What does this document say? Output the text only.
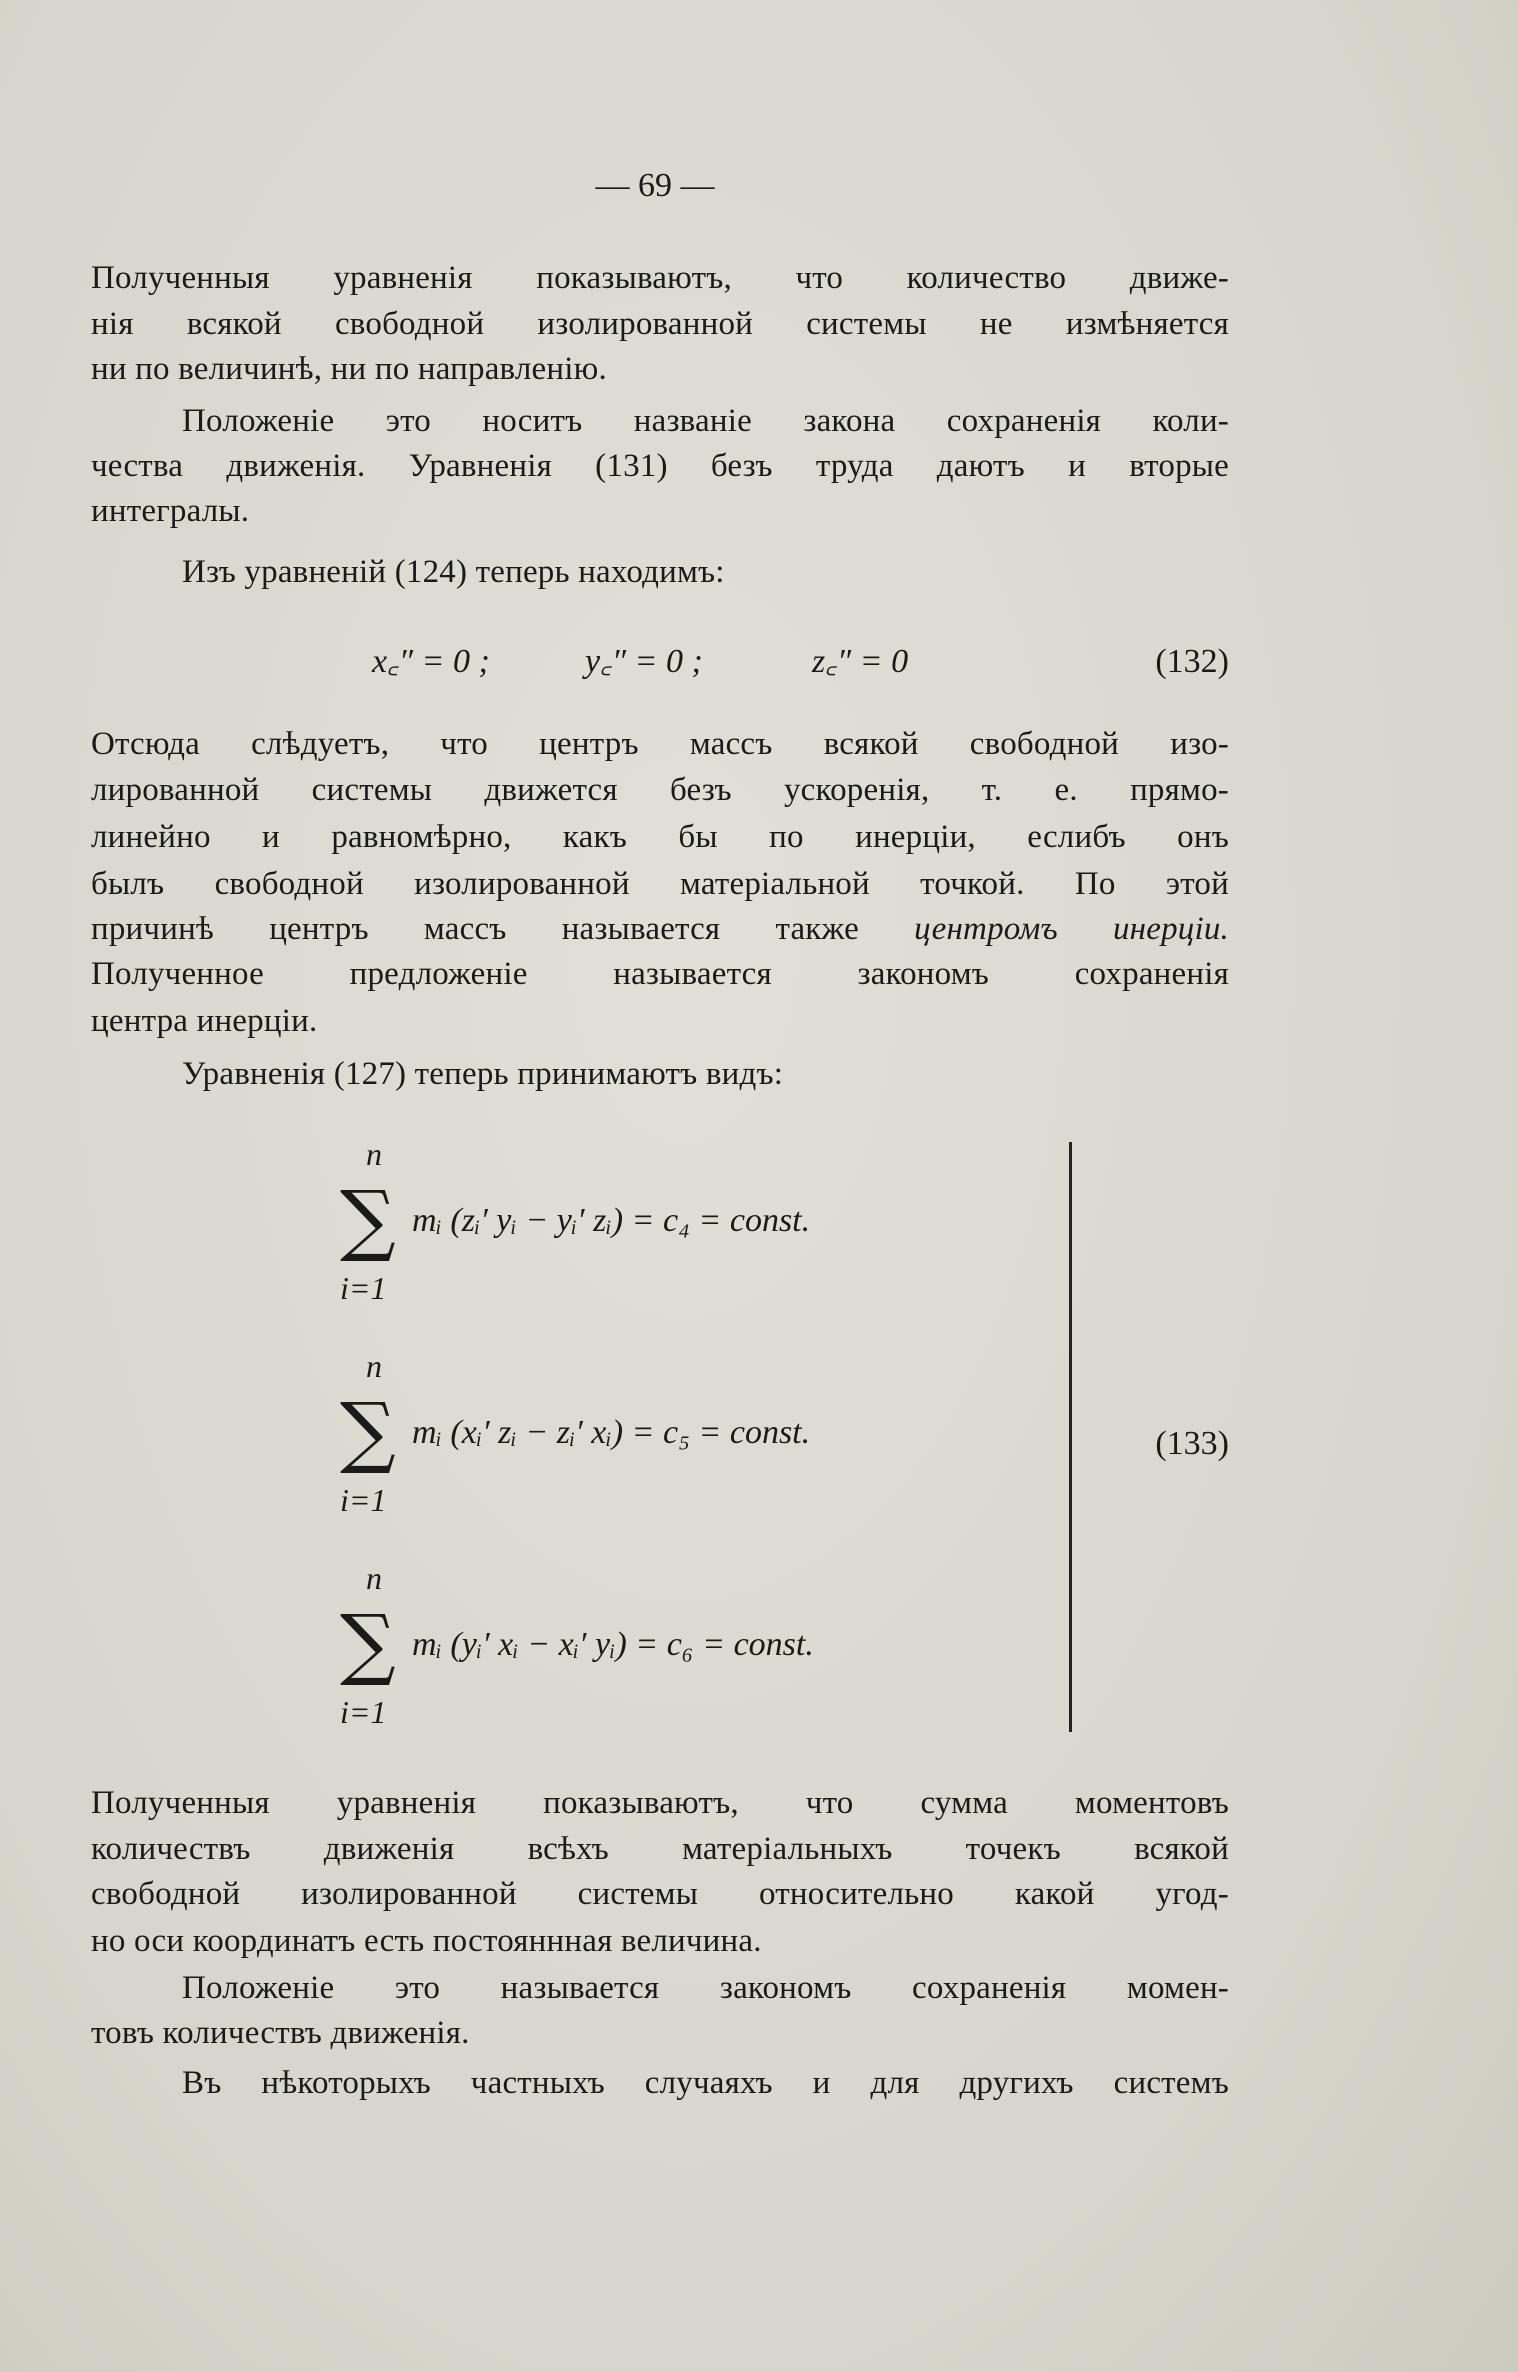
— 69 —
Полученныя уравненія показываютъ, что количество движе-
нія всякой свободной изолированной системы не измѣняется
ни по величинѣ, ни по направленію.
Положеніе это носитъ названіе закона сохраненія коли-
чества движенія. Уравненія (131) безъ труда даютъ и вторые
интегралы.
Изъ уравненій (124) теперь находимъ:
x꜀″ = 0 ;	y꜀″ = 0 ;	z꜀″ = 0	(132)
Отсюда слѣдуетъ, что центръ массъ всякой свободной изо-
лированной системы движется безъ ускоренія, т. е. прямо-
линейно и равномѣрно, какъ бы по инерціи, еслибъ онъ
былъ свободной изолированной матеріальной точкой. По этой
причинѣ центръ массъ называется также центромъ инерціи.
Полученное предложеніе называется закономъ сохраненія
центра инерціи.
Уравненія (127) теперь принимаютъ видъ:
n
∑
i=1
mᵢ (zᵢ′ yᵢ − yᵢ′ zᵢ) = c₄ = const.
n
∑
i=1
mᵢ (xᵢ′ zᵢ − zᵢ′ xᵢ) = c₅ = const.
n
∑
i=1
mᵢ (yᵢ′ xᵢ − xᵢ′ yᵢ) = c₆ = const.
(133)
Полученныя уравненія показываютъ, что сумма моментовъ
количествъ движенія всѣхъ матеріальныхъ точекъ всякой
свободной изолированной системы относительно какой угод-
но оси координатъ есть постояннная величина.
Положеніе это называется закономъ сохраненія момен-
товъ количествъ движенія.
Въ нѣкоторыхъ частныхъ случаяхъ и для другихъ системъ
